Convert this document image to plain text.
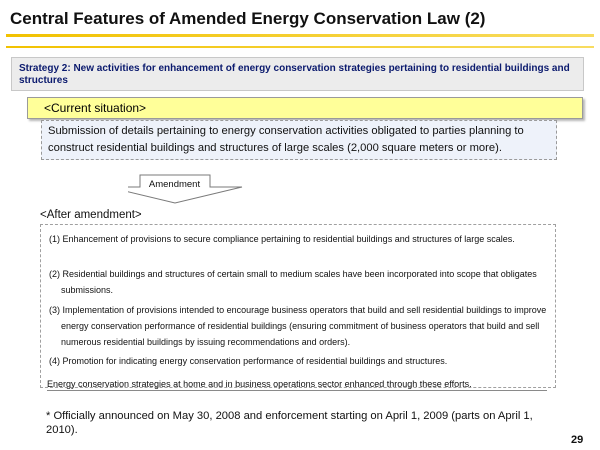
Central Features of Amended Energy Conservation Law (2)
Strategy 2: New activities for enhancement of energy conservation strategies pertaining to residential buildings and structures
<Current situation>
Submission of details pertaining to energy conservation activities obligated to parties planning to construct residential buildings and structures of large scales (2,000 square meters or more).
Amendment
<After amendment>
(1) Enhancement of provisions to secure compliance pertaining to residential buildings and structures of large scales.
(2) Residential buildings and structures of certain small to medium scales have been incorporated into scope that obligates submissions.
(3) Implementation of provisions intended to encourage business operators that build and sell residential buildings to improve energy conservation performance of residential buildings (ensuring commitment of business operators that build and sell numerous residential buildings by issuing recommendations and orders).
(4) Promotion for indicating energy conservation performance of residential buildings and structures.
Energy conservation strategies at home and in business operations sector enhanced through these efforts.
* Officially announced on May 30, 2008 and enforcement starting on April 1, 2009 (parts on April 1, 2010).
29
